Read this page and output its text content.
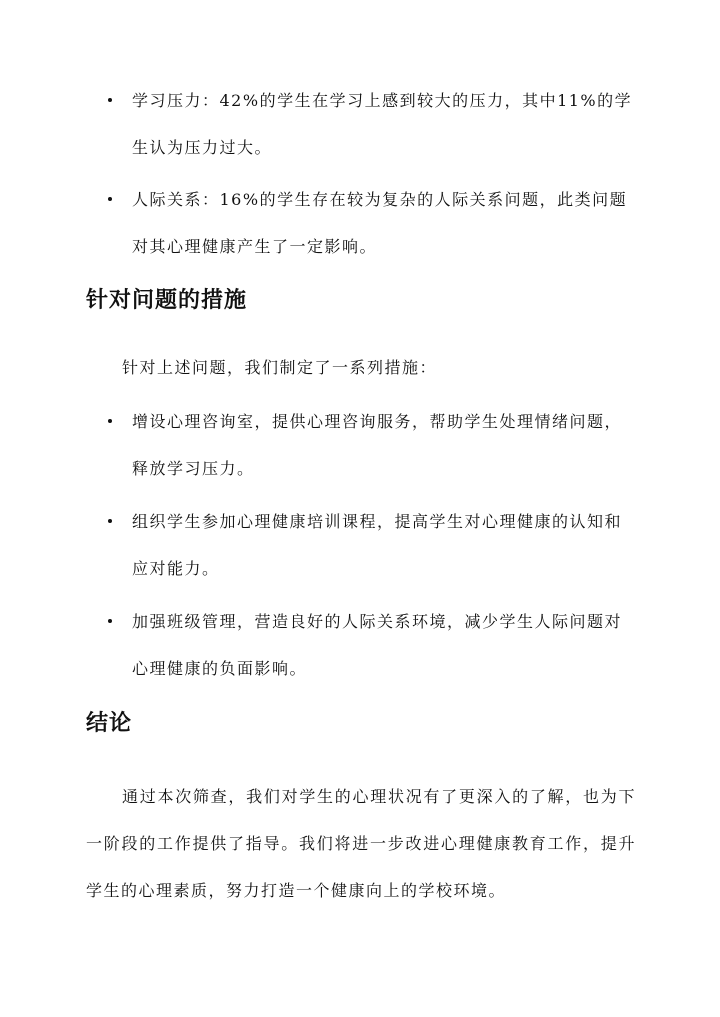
学习压力：42%的学生在学习上感到较大的压力，其中11%的学生认为压力过大。
人际关系：16%的学生存在较为复杂的人际关系问题，此类问题对其心理健康产生了一定影响。
针对问题的措施

针对上述问题，我们制定了一系列措施：

增设心理咨询室，提供心理咨询服务，帮助学生处理情绪问题，释放学习压力。
组织学生参加心理健康培训课程，提高学生对心理健康的认知和应对能力。
加强班级管理，营造良好的人际关系环境，减少学生人际问题对心理健康的负面影响。
结论

通过本次筛查，我们对学生的心理状况有了更深入的了解，也为下一阶段的工作提供了指导。我们将进一步改进心理健康教育工作，提升学生的心理素质，努力打造一个健康向上的学校环境。
